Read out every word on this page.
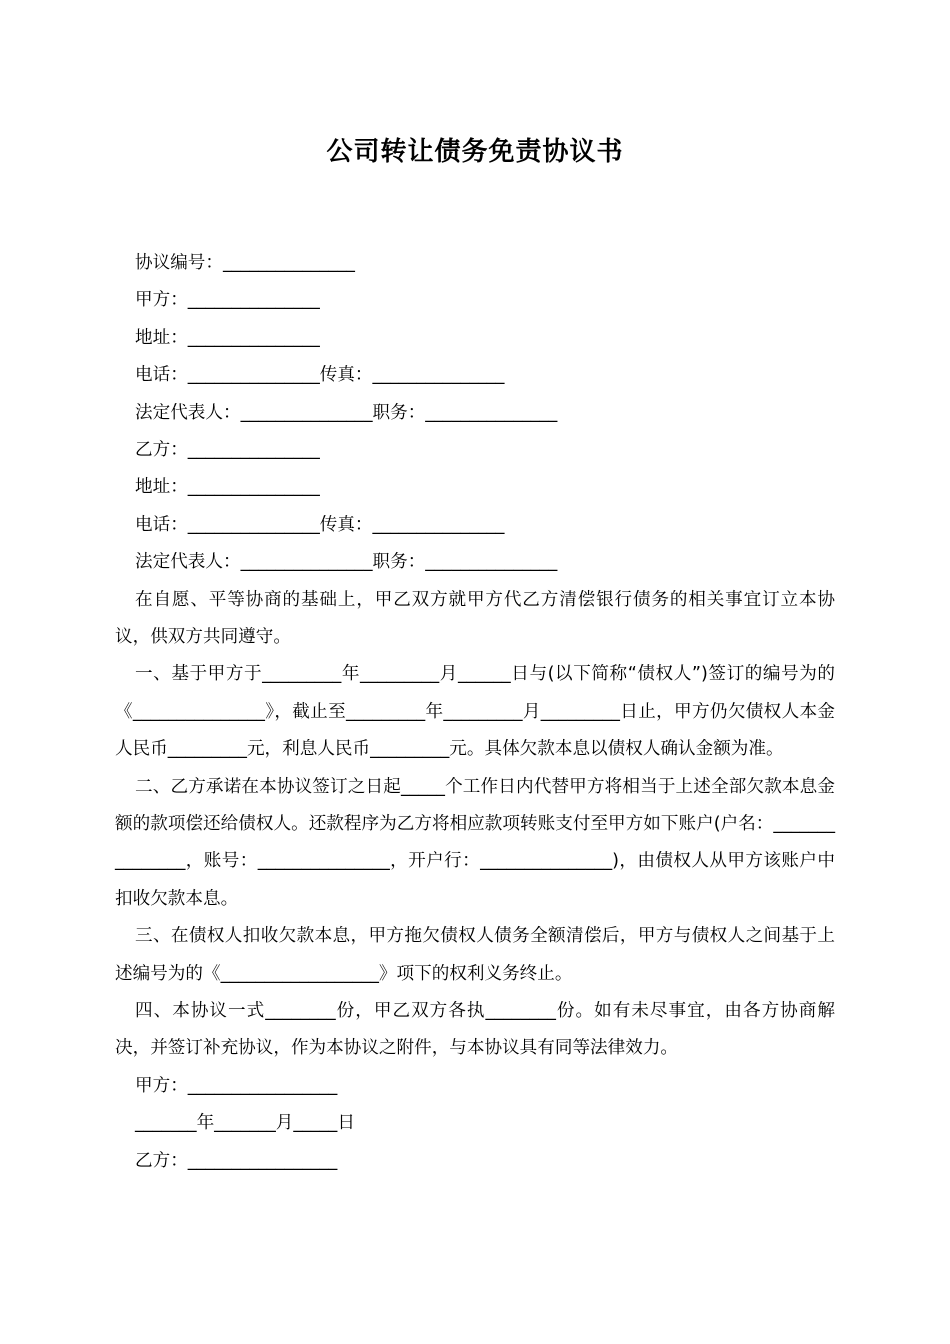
公司转让债务免责协议书
协议编号：_______________
甲方：_______________
地址：_______________
电话：_______________传真：_______________
法定代表人：_______________职务：_______________
乙方：_______________
地址：_______________
电话：_______________传真：_______________
法定代表人：_______________职务：_______________

在自愿、平等协商的基础上，甲乙双方就甲方代乙方清偿银行债务的相关事宜订立本协议，供双方共同遵守。

一、基于甲方于_________年_________月______日与(以下简称“债权人”)签订的编号为的《_______________》，截止至_________年_________月_________日止，甲方仍欠债权人本金人民币_________元，利息人民币_________元。具体欠款本息以债权人确认金额为准。

二、乙方承诺在本协议签订之日起_____个工作日内代替甲方将相当于上述全部欠款本息金额的款项偿还给债权人。还款程序为乙方将相应款项转账支付至甲方如下账户(户名：_______________，账号：_______________，开户行：_______________)，由债权人从甲方该账户中扣收欠款本息。

三、在债权人扣收欠款本息，甲方拖欠债权人债务全额清偿后，甲方与债权人之间基于上述编号为的《__________________》项下的权利义务终止。

四、本协议一式________份，甲乙双方各执________份。如有未尽事宜，由各方协商解决，并签订补充协议，作为本协议之附件，与本协议具有同等法律效力。

甲方：_________________
_______年_______月_____日
乙方：_________________
